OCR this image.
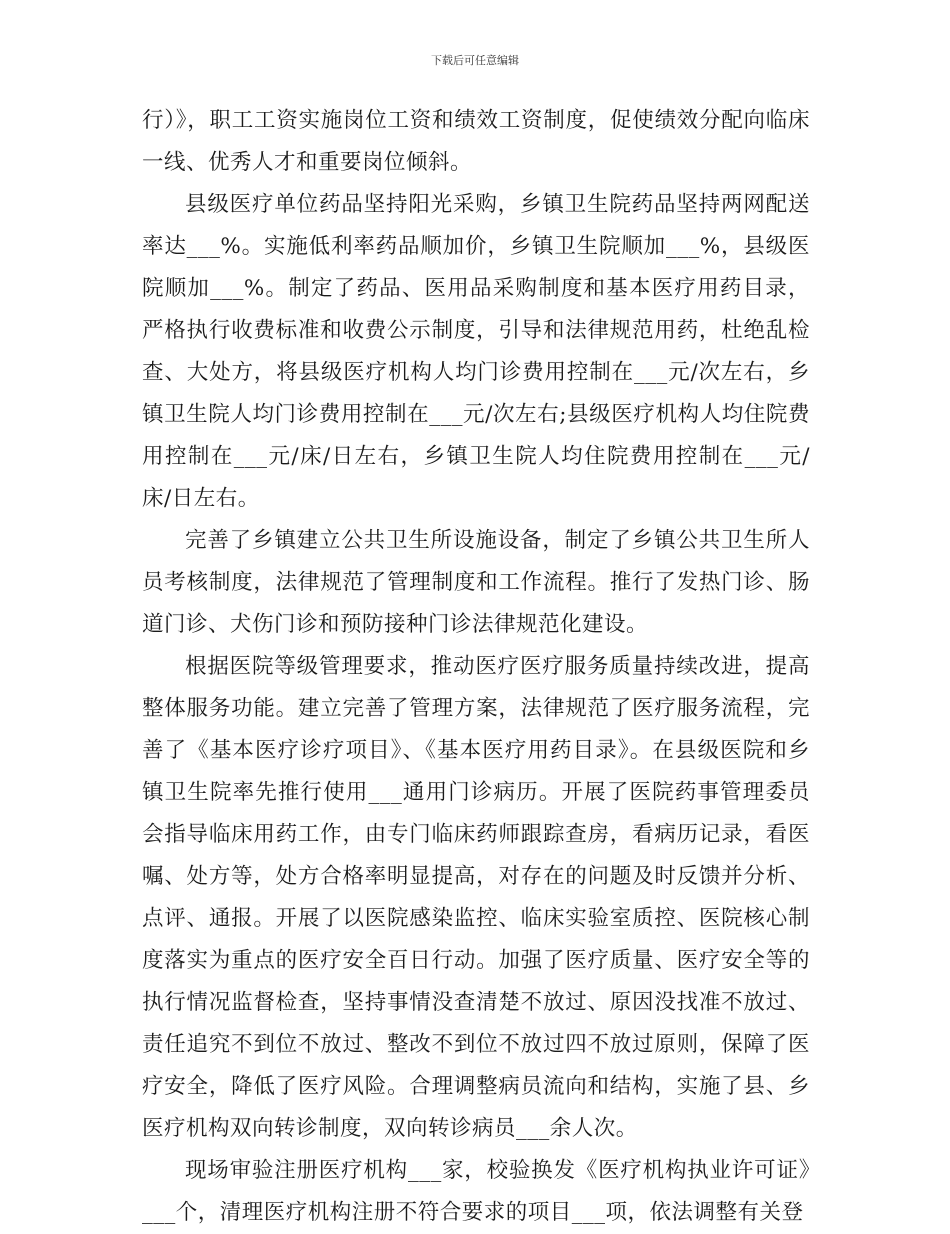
下载后可任意编辑

行）》，职工工资实施岗位工资和绩效工资制度，促使绩效分配向临床一线、优秀人才和重要岗位倾斜。

县级医疗单位药品坚持阳光采购，乡镇卫生院药品坚持两网配送率达___%。实施低利率药品顺加价，乡镇卫生院顺加___%，县级医院顺加___%。制定了药品、医用品采购制度和基本医疗用药目录，严格执行收费标准和收费公示制度，引导和法律规范用药，杜绝乱检查、大处方，将县级医疗机构人均门诊费用控制在___元/次左右，乡镇卫生院人均门诊费用控制在___元/次左右;县级医疗机构人均住院费用控制在___元/床/日左右，乡镇卫生院人均住院费用控制在___元/床/日左右。

完善了乡镇建立公共卫生所设施设备，制定了乡镇公共卫生所人员考核制度，法律规范了管理制度和工作流程。推行了发热门诊、肠道门诊、犬伤门诊和预防接种门诊法律规范化建设。

根据医院等级管理要求，推动医疗医疗服务质量持续改进，提高整体服务功能。建立完善了管理方案，法律规范了医疗服务流程，完善了《基本医疗诊疗项目》、《基本医疗用药目录》。在县级医院和乡镇卫生院率先推行使用___通用门诊病历。开展了医院药事管理委员会指导临床用药工作，由专门临床药师跟踪查房，看病历记录，看医嘱、处方等，处方合格率明显提高，对存在的问题及时反馈并分析、点评、通报。开展了以医院感染监控、临床实验室质控、医院核心制度落实为重点的医疗安全百日行动。加强了医疗质量、医疗安全等的执行情况监督检查，坚持事情没查清楚不放过、原因没找准不放过、责任追究不到位不放过、整改不到位不放过四不放过原则，保障了医疗安全，降低了医疗风险。合理调整病员流向和结构，实施了县、乡医疗机构双向转诊制度，双向转诊病员___余人次。

现场审验注册医疗机构___家，校验换发《医疗机构执业许可证》___个，清理医疗机构注册不符合要求的项目___项，依法调整有关登
